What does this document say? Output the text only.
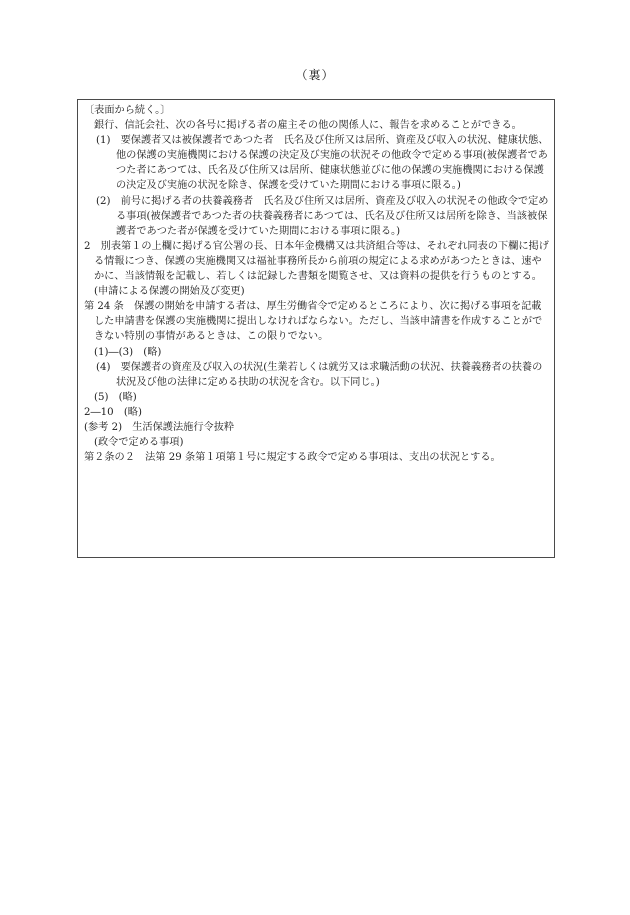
（裏）

〔表面から続く。〕

銀行、信託会社、次の各号に掲げる者の雇主その他の関係人に、報告を求めることができる。

(1)　要保護者又は被保護者であつた者　氏名及び住所又は居所、資産及び収入の状況、健康状態、他の保護の実施機関における保護の決定及び実施の状況その他政令で定める事項(被保護者であつた者にあつては、氏名及び住所又は居所、健康状態並びに他の保護の実施機関における保護の決定及び実施の状況を除き、保護を受けていた期間における事項に限る。)

(2)　前号に掲げる者の扶養義務者　氏名及び住所又は居所、資産及び収入の状況その他政令で定める事項(被保護者であつた者の扶養義務者にあつては、氏名及び住所又は居所を除き、当該被保護者であつた者が保護を受けていた期間における事項に限る。)

2　別表第１の上欄に掲げる官公署の長、日本年金機構又は共済組合等は、それぞれ同表の下欄に掲げる情報につき、保護の実施機関又は福祉事務所長から前項の規定による求めがあつたときは、速やかに、当該情報を記載し、若しくは記録した書類を閲覧させ、又は資料の提供を行うものとする。

(申請による保護の開始及び変更)

第 24 条　保護の開始を申請する者は、厚生労働省令で定めるところにより、次に掲げる事項を記載した申請書を保護の実施機関に提出しなければならない。ただし、当該申請書を作成することができない特別の事情があるときは、この限りでない。

(1)―(3)　(略)

(4)　要保護者の資産及び収入の状況(生業若しくは就労又は求職活動の状況、扶養義務者の扶養の状況及び他の法律に定める扶助の状況を含む。以下同じ。)

(5)　(略)

2―10　(略)

(参考 2)　生活保護法施行令抜粋

(政令で定める事項)

第２条の２　法第 29 条第１項第１号に規定する政令で定める事項は、支出の状況とする。
